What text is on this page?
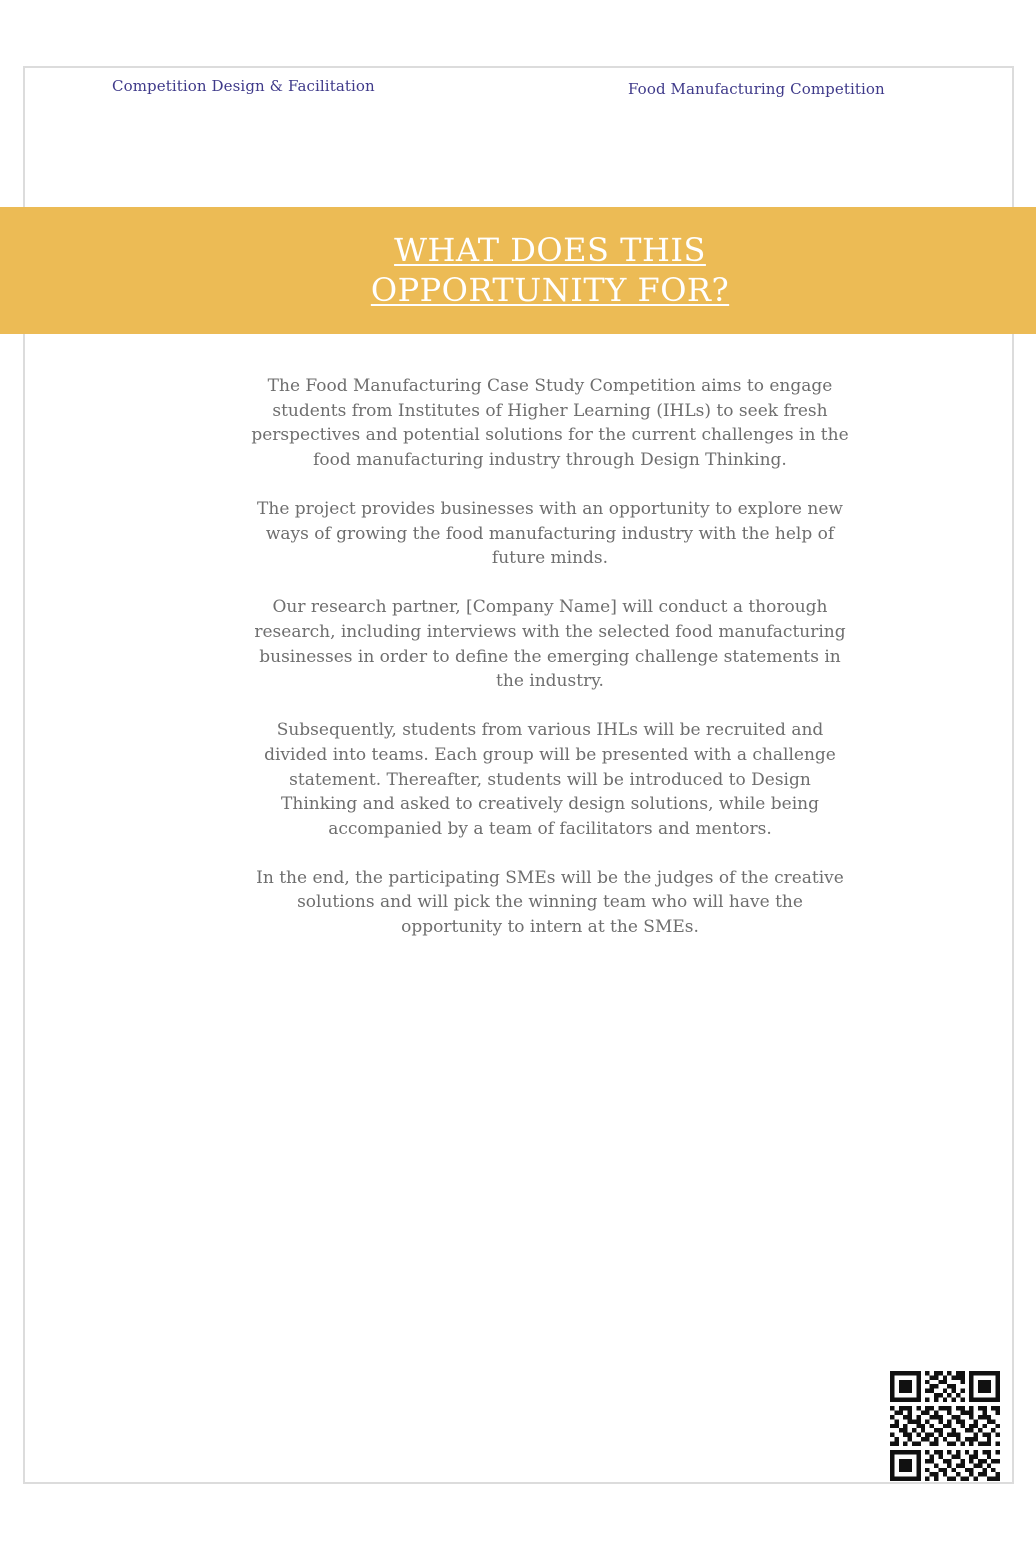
Competition Design & Facilitation	Food Manufacturing Competition
WHAT DOES THIS
OPPORTUNITY FOR?

The Food Manufacturing Case Study Competition aims to engage students from Institutes of Higher Learning (IHLs) to seek fresh perspectives and potential solutions for the current challenges in the food manufacturing industry through Design Thinking.

The project provides businesses with an opportunity to explore new ways of growing the food manufacturing industry with the help of future minds.

Our research partner, [Company Name] will conduct a thorough research, including interviews with the selected food manufacturing businesses in order to define the emerging challenge statements in the industry.

Subsequently, students from various IHLs will be recruited and divided into teams. Each group will be presented with a challenge statement. Thereafter, students will be introduced to Design Thinking and asked to creatively design solutions, while being accompanied by a team of facilitators and mentors.

In the end, the participating SMEs will be the judges of the creative solutions and will pick the winning team who will have the opportunity to intern at the SMEs.
